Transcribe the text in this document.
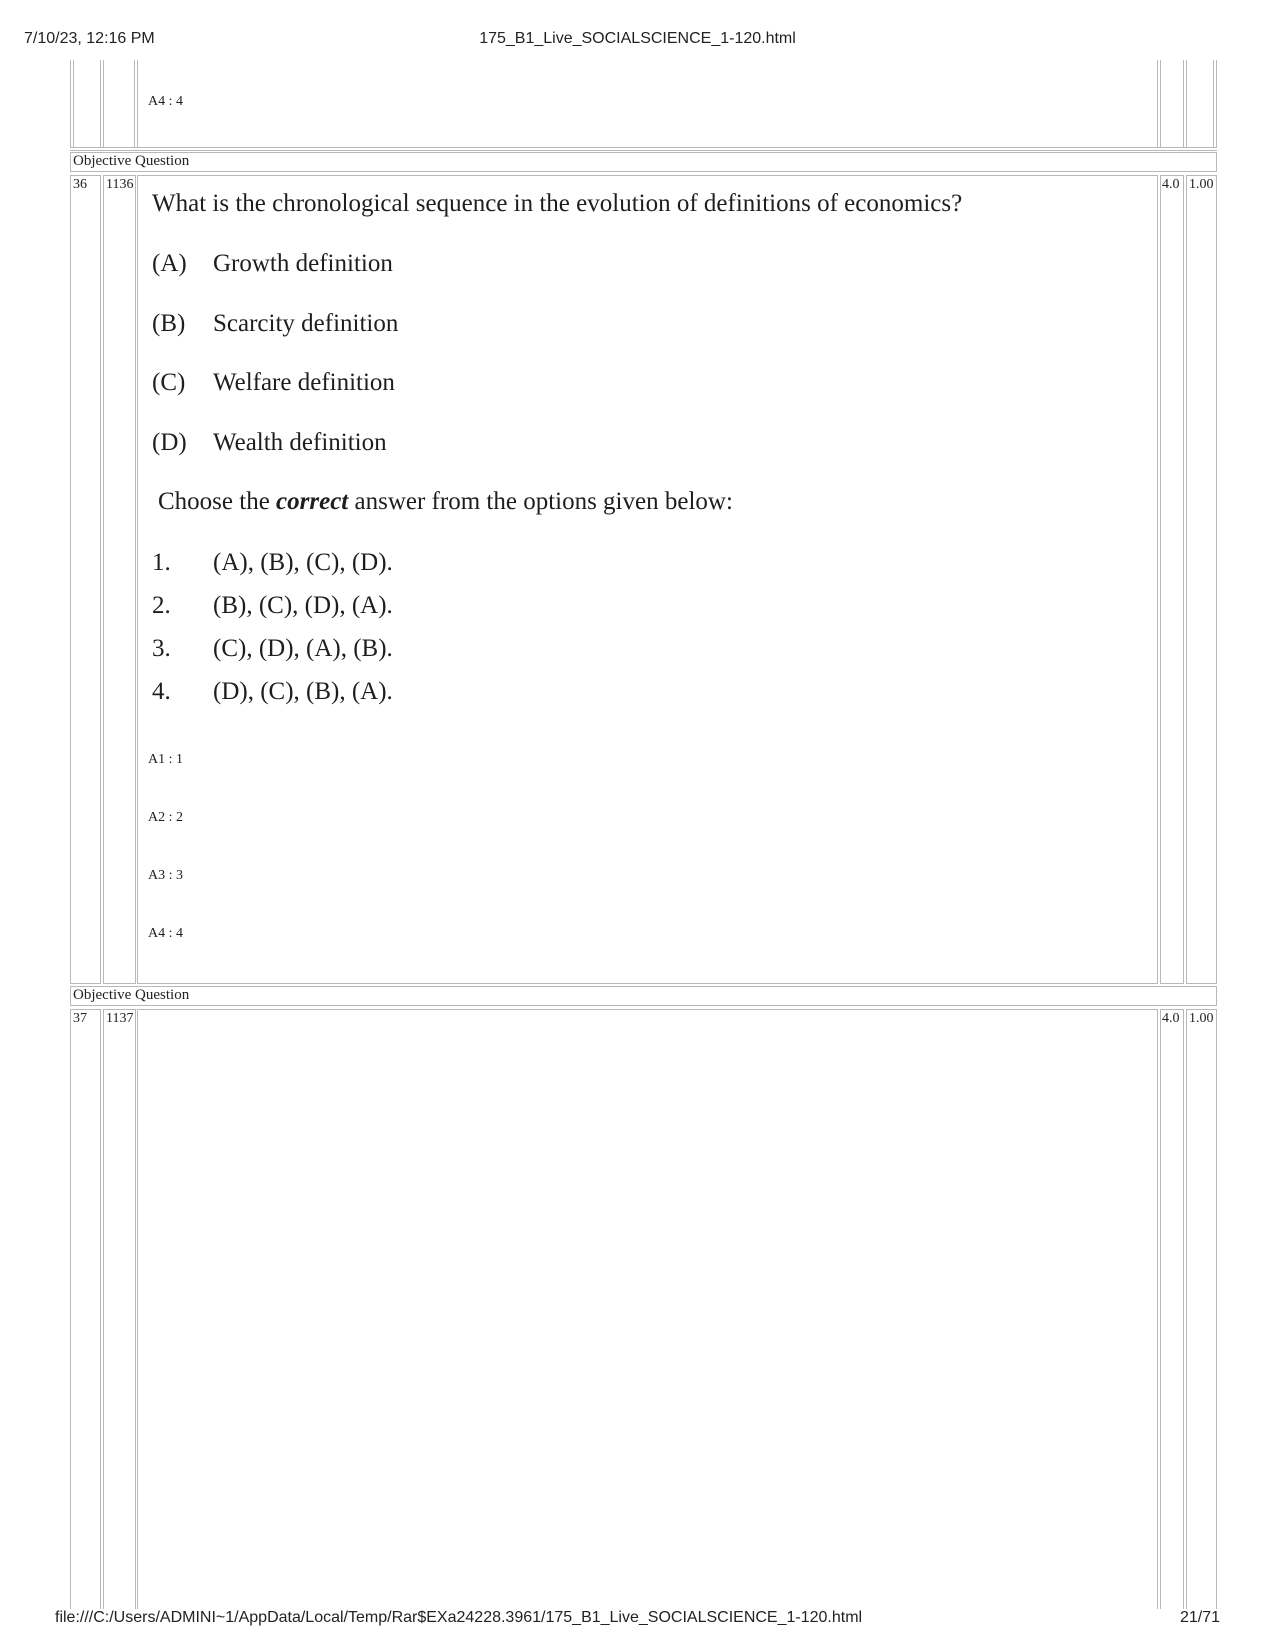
7/10/23, 12:16 PM	175_B1_Live_SOCIALSCIENCE_1-120.html
A4 : 4
Objective Question
36 1136	4.0 1.00
What is the chronological sequence in the evolution of definitions of economics?
(A) Growth definition
(B) Scarcity definition
(C) Welfare definition
(D) Wealth definition
Choose the correct answer from the options given below:
1. (A), (B), (C), (D).
2. (B), (C), (D), (A).
3. (C), (D), (A), (B).
4. (D), (C), (B), (A).
A1 : 1
A2 : 2
A3 : 3
A4 : 4
Objective Question
37 1137	4.0 1.00
file:///C:/Users/ADMINI~1/AppData/Local/Temp/Rar$EXa24228.3961/175_B1_Live_SOCIALSCIENCE_1-120.html	21/71
